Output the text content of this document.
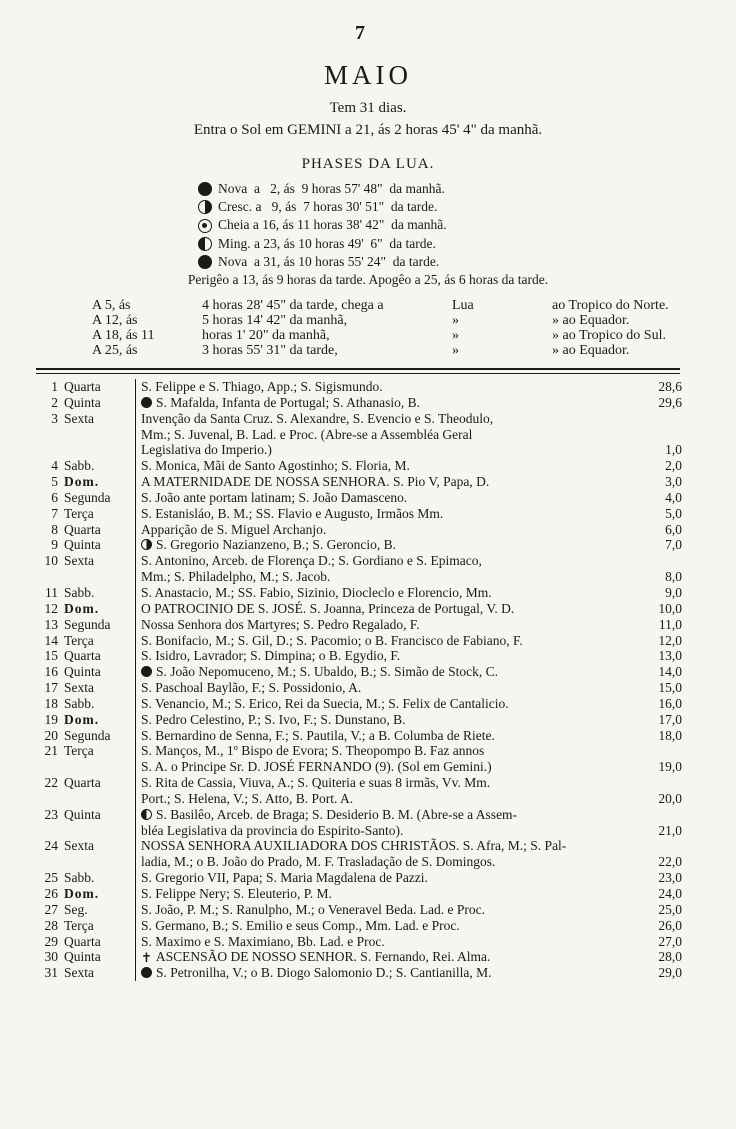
7
MAIO
Tem 31 dias.
Entra o Sol em GEMINI a 21, ás 2 horas 45' 4" da manhã.
PHASES DA LUA.
Nova  a   2, ás  9 horas 57' 48"  da manhã.
Cresc. a   9, ás  7 horas 30' 51"  da tarde.
Cheia a 16, ás 11 horas 38' 42"  da manhã.
Ming. a 23, ás 10 horas 49'  6"  da tarde.
Nova  a 31, ás 10 horas 55' 24"  da tarde.
Perigêo a 13, ás 9 horas da tarde. Apogêo a 25, ás 6 horas da tarde.
A 5, ás	4 horas 28' 45" da tarde, chega a	Lua	ao Tropico do Norte.
A 12, ás	5 horas 14' 42" da manhã,	»	» ao Equador.
A 18, ás 11	horas 1' 20" da manhã,	»	» ao Tropico do Sul.
A 25, ás	3 horas 55' 31" da tarde,	»	» ao Equador.
1 Quarta	S. Felippe e S. Thiago, App.; S. Sigismundo.	28,6
2 Quinta	S. Mafalda, Infanta de Portugal; S. Athanasio, B.	29,6
3 Sexta	Invenção da Santa Cruz. S. Alexandre, S. Evencio e S. Theodulo,
Mm.; S. Juvenal, B. Lad. e Proc. (Abre-se a Assembléa Geral
Legislativa do Imperio.)	1,0
4 Sabb.	S. Monica, Mãi de Santo Agostinho; S. Floria, M.	2,0
5 Dom.	A MATERNIDADE DE NOSSA SENHORA. S. Pio V, Papa, D.	3,0
6 Segunda	S. João ante portam latinam; S. João Damasceno.	4,0
7 Terça	S. Estanisláo, B. M.; SS. Flavio e Augusto, Irmãos Mm.	5,0
8 Quarta	Apparição de S. Miguel Archanjo.	6,0
9 Quinta	S. Gregorio Nazianzeno, B.; S. Geroncio, B.	7,0
10 Sexta	S. Antonino, Arceb. de Florença D.; S. Gordiano e S. Epimaco,
Mm.; S. Philadelpho, M.; S. Jacob.	8,0
11 Sabb.	S. Anastacio, M.; SS. Fabio, Sizinio, Diocleclo e Florencio, Mm.	9,0
12 Dom.	O PATROCINIO DE S. JOSÉ. S. Joanna, Princeza de Portugal, V. D.	10,0
13 Segunda	Nossa Senhora dos Martyres; S. Pedro Regalado, F.	11,0
14 Terça	S. Bonifacio, M.; S. Gil, D.; S. Pacomio; o B. Francisco de Fabiano, F.	12,0
15 Quarta	S. Isidro, Lavrador; S. Dimpina; o B. Egydio, F.	13,0
16 Quinta	S. João Nepomuceno, M.; S. Ubaldo, B.; S. Simão de Stock, C.	14,0
17 Sexta	S. Paschoal Baylão, F.; S. Possidonio, A.	15,0
18 Sabb.	S. Venancio, M.; S. Erico, Rei da Suecia, M.; S. Felix de Cantalicio.	16,0
19 Dom.	S. Pedro Celestino, P.; S. Ivo, F.; S. Dunstano, B.	17,0
20 Segunda	S. Bernardino de Senna, F.; S. Pautila, V.; a B. Columba de Riete.	18,0
21 Terça	S. Manços, M., 1º Bispo de Evora; S. Theopompo B. Faz annos
S. A. o Principe Sr. D. JOSÉ FERNANDO (9). (Sol em Gemini.)	19,0
22 Quarta	S. Rita de Cassia, Viuva, A.; S. Quiteria e suas 8 irmãs, Vv. Mm.
Port.; S. Helena, V.; S. Atto, B. Port. A.	20,0
23 Quinta	S. Basilêo, Arceb. de Braga; S. Desiderio B. M. (Abre-se a Assem-
bléa Legislativa da provincia do Espirito-Santo).	21,0
24 Sexta	NOSSA SENHORA AUXILIADORA DOS CHRISTÃOS. S. Afra, M.; S. Pal-
ladia, M.; o B. João do Prado, M. F. Trasladação de S. Domingos.	22,0
25 Sabb.	S. Gregorio VII, Papa; S. Maria Magdalena de Pazzi.	23,0
26 Dom.	S. Felippe Nery; S. Eleuterio, P. M.	24,0
27 Seg.	S. João, P. M.; S. Ranulpho, M.; o Veneravel Beda. Lad. e Proc.	25,0
28 Terça	S. Germano, B.; S. Emilio e seus Comp., Mm. Lad. e Proc.	26,0
29 Quarta	S. Maximo e S. Maximiano, Bb. Lad. e Proc.	27,0
30 Quinta ✝	ASCENSÃO DE NOSSO SENHOR. S. Fernando, Rei. Alma.	28,0
31 Sexta	S. Petronilha, V.; o B. Diogo Salomonio D.; S. Cantianilla, M.	29,0
